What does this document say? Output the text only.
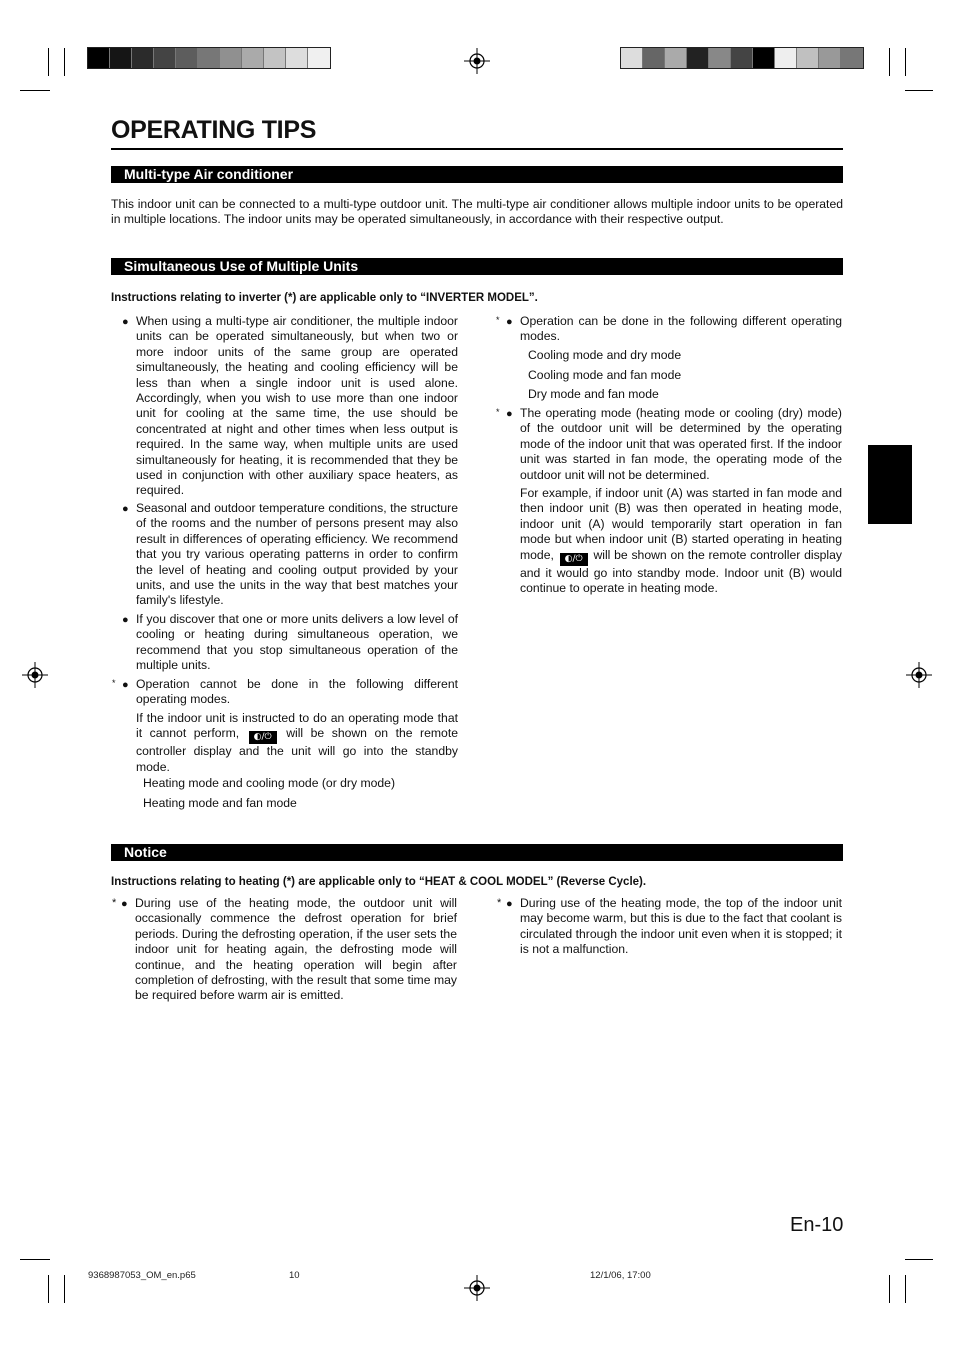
OPERATING TIPS
Multi-type Air conditioner
This indoor unit can be connected to a multi-type outdoor unit. The multi-type air conditioner allows multiple indoor units to be operated in multiple locations. The indoor units may be operated simultaneously, in accordance with their respective output.
Simultaneous Use of Multiple Units
Instructions relating to inverter (*) are applicable only to “INVERTER MODEL”.
● When using a multi-type air conditioner, the multiple indoor units can be operated simultaneously, but when two or more indoor units of the same group are operated simultaneously, the heating and cooling efficiency will be less than when a single indoor unit is used alone. Accordingly, when you wish to use more than one indoor unit for cooling at the same time, the use should be concentrated at night and other times when less output is required. In the same way, when multiple units are used simultaneously for heating, it is recommended that they be used in conjunction with other auxiliary space heaters, as required.
● Seasonal and outdoor temperature conditions, the structure of the rooms and the number of persons present may also result in differences of operating efficiency. We recommend that you try various operating patterns in order to confirm the level of heating and cooling output provided by your units, and use the units in the way that best matches your family's lifestyle.
● If you discover that one or more units delivers a low level of cooling or heating during simultaneous operation, we recommend that you stop simultaneous operation of the multiple units.
* ● Operation cannot be done in the following different operating modes.
If the indoor unit is instructed to do an operating mode that it cannot perform, ◐/⏻ will be shown on the remote controller display and the unit will go into the standby mode.
Heating mode and cooling mode (or dry mode)
Heating mode and fan mode
* ● Operation can be done in the following different operating modes.
Cooling mode and dry mode
Cooling mode and fan mode
Dry mode and fan mode
* ● The operating mode (heating mode or cooling (dry) mode) of the outdoor unit will be determined by the operating mode of the indoor unit that was operated first. If the indoor unit was started in fan mode, the operating mode of the outdoor unit will not be determined.
For example, if indoor unit (A) was started in fan mode and then indoor unit (B) was then operated in heating mode, indoor unit (A) would temporarily start operation in fan mode but when indoor unit (B) started operating in heating mode, ◐/⏻ will be shown on the remote controller display and it would go into standby mode. Indoor unit (B) would continue to operate in heating mode.
Notice
Instructions relating to heating (*) are applicable only to “HEAT & COOL MODEL” (Reverse Cycle).
* ● During use of the heating mode, the outdoor unit will occasionally commence the defrost operation for brief periods. During the defrosting operation, if the user sets the indoor unit for heating again, the defrosting mode will continue, and the heating operation will begin after completion of defrosting, with the result that some time may be required before warm air is emitted.
* ● During use of the heating mode, the top of the indoor unit may become warm, but this is due to the fact that coolant is circulated through the indoor unit even when it is stopped; it is not a malfunction.
En-10
9368987053_OM_en.p65	10	12/1/06, 17:00
